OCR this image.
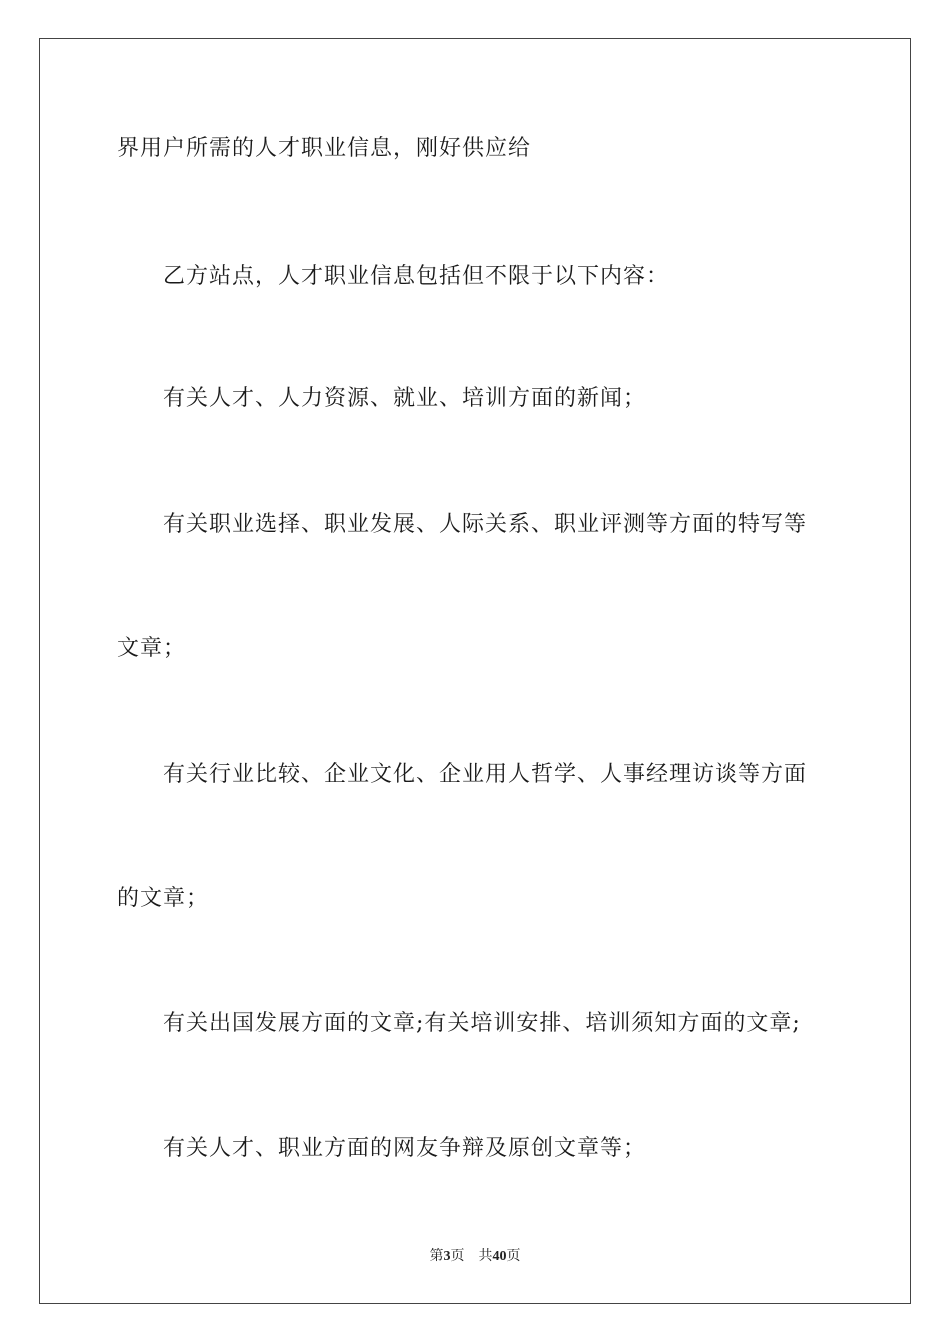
界用户所需的人才职业信息，刚好供应给
乙方站点，人才职业信息包括但不限于以下内容：
有关人才、人力资源、就业、培训方面的新闻；
有关职业选择、职业发展、人际关系、职业评测等方面的特写等
文章；
有关行业比较、企业文化、企业用人哲学、人事经理访谈等方面
的文章；
有关出国发展方面的文章;有关培训安排、培训须知方面的文章;
有关人才、职业方面的网友争辩及原创文章等；
第3页 共40页
